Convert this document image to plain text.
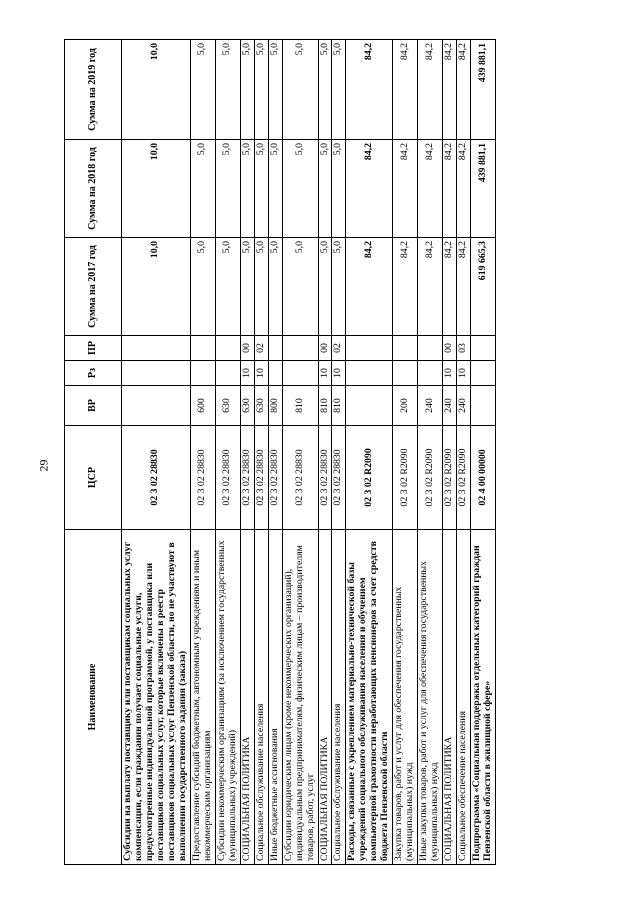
29
Наименование	ЦСР	ВР	Рз	ПР	Сумма на 2017 год	Сумма на 2018 год	Сумма на 2019 год
Субсидии на выплату поставщику или поставщикам социальных услуг компенсации, если гражданин получает социальные услуги, предусмотренные индивидуальной программой, у поставщика или поставщиков социальных услуг, которые включены в реестр поставщиков социальных услуг Пензенской области, но не участвуют в выполнении государственного задания (заказа)	02 3 02 28830				10,0	10,0	10,0
Предоставление субсидий бюджетным, автономным учреждениям и иным некоммерческим организациям	02 3 02 28830	600			5,0	5,0	5,0
Субсидии некоммерческим организациям (за исключением государственных (муниципальных) учреждений)	02 3 02 28830	630			5,0	5,0	5,0
СОЦИАЛЬНАЯ ПОЛИТИКА	02 3 02 28830	630	10	00	5,0	5,0	5,0
Социальное обслуживание населения	02 3 02 28830	630	10	02	5,0	5,0	5,0
Иные бюджетные ассигнования	02 3 02 28830	800			5,0	5,0	5,0
Субсидии юридическим лицам (кроме некоммерческих организаций), индивидуальным предпринимателям, физическим лицам – производителям товаров, работ, услуг	02 3 02 28830	810			5,0	5,0	5,0
СОЦИАЛЬНАЯ ПОЛИТИКА	02 3 02 28830	810	10	00	5,0	5,0	5,0
Социальное обслуживание населения	02 3 02 28830	810	10	02	5,0	5,0	5,0
Расходы, связанные с укреплением материально-технической базы учреждений социального обслуживания населения и обучением компьютерной грамотности неработающих пенсионеров за счет средств бюджета Пензенской области	02 3 02 R2090				84,2	84,2	84,2
Закупка товаров, работ и услуг для обеспечения государственных (муниципальных) нужд	02 3 02 R2090	200			84,2	84,2	84,2
Иные закупки товаров, работ и услуг для обеспечения государственных (муниципальных) нужд	02 3 02 R2090	240			84,2	84,2	84,2
СОЦИАЛЬНАЯ ПОЛИТИКА	02 3 02 R2090	240	10	00	84,2	84,2	84,2
Социальное обеспечение населения	02 3 02 R2090	240	10	03	84,2	84,2	84,2
Подпрограмма «Социальная поддержка отдельных категорий граждан Пензенской области в жилищной сфере»	02 4 00 00000				619 665,3	439 881,1	439 881,1
